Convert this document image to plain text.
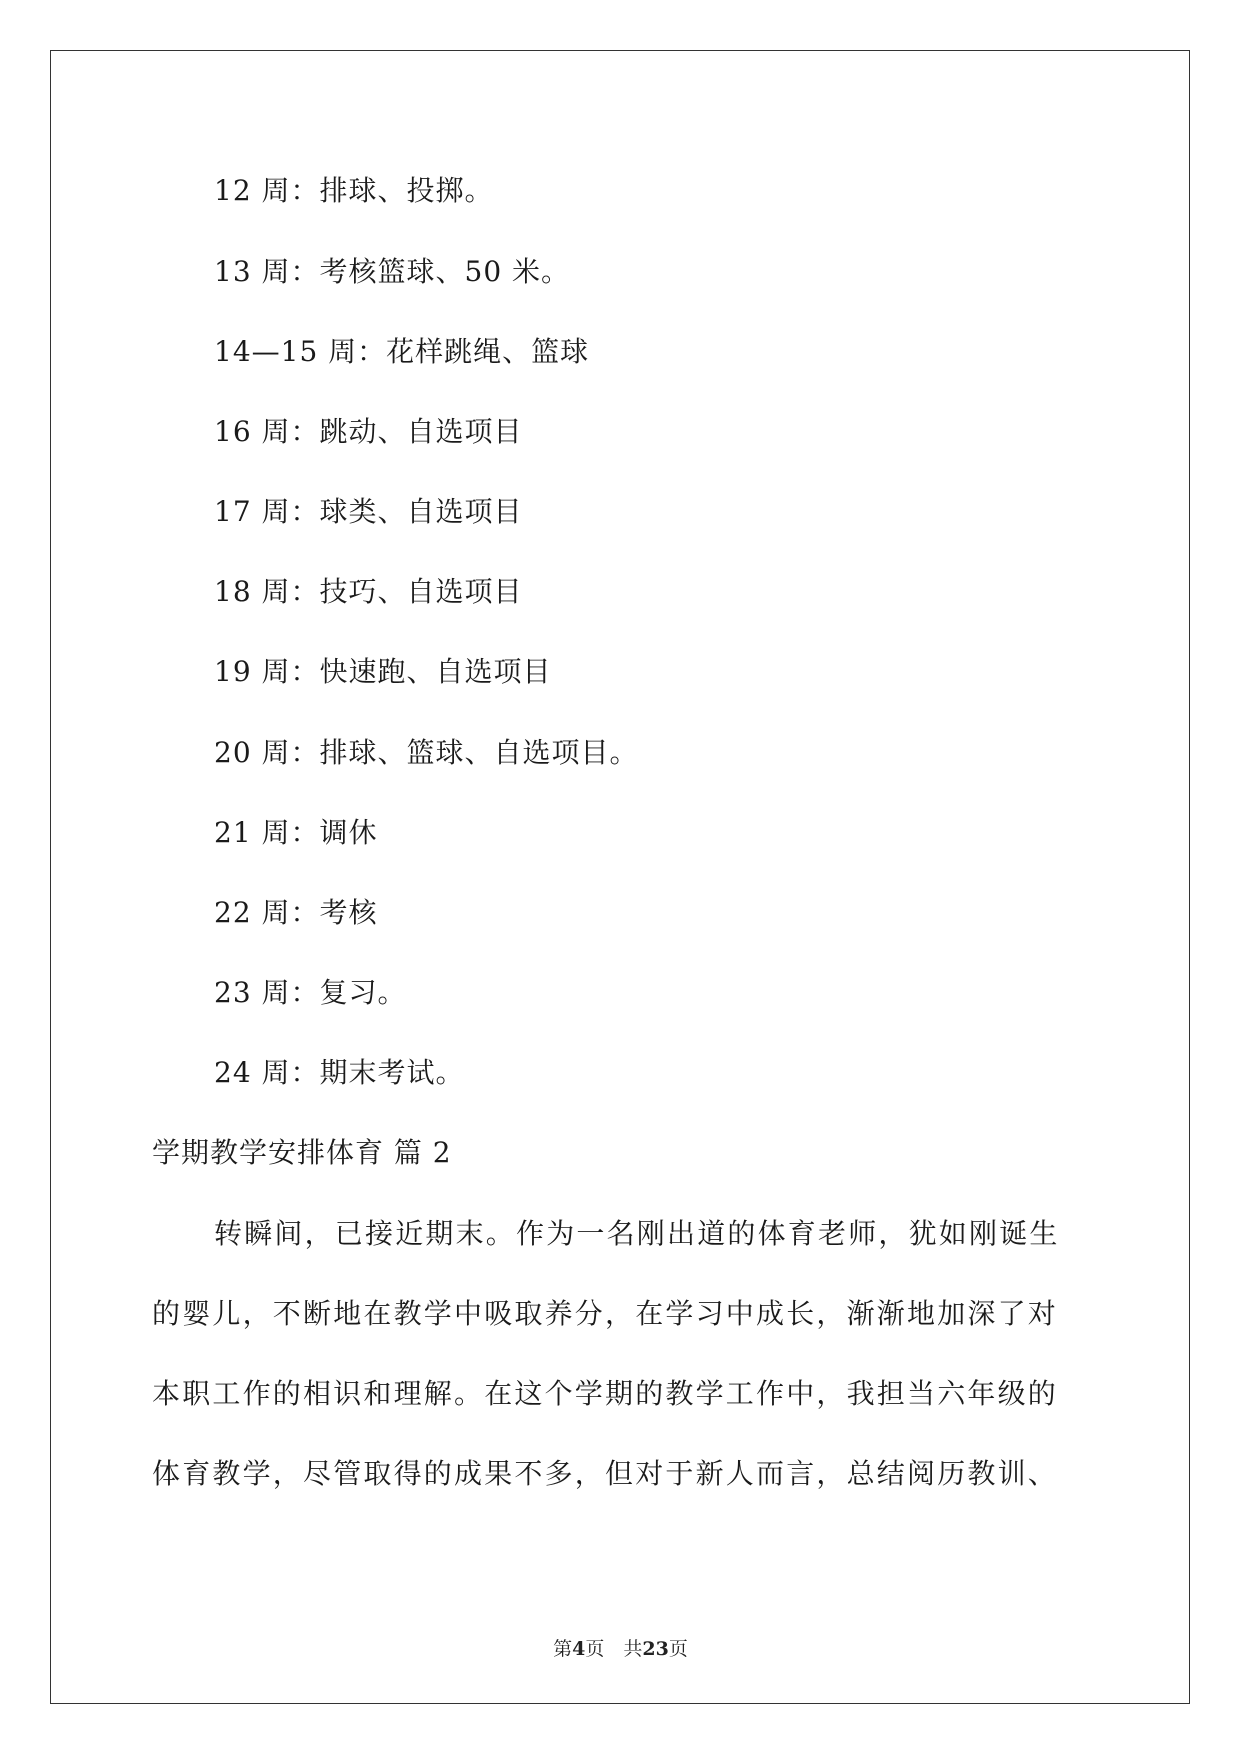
12 周：排球、投掷。
13 周：考核篮球、50 米。
14—15 周：花样跳绳、篮球
16 周：跳动、自选项目
17 周：球类、自选项目
18 周：技巧、自选项目
19 周：快速跑、自选项目
20 周：排球、篮球、自选项目。
21 周：调休
22 周：考核
23 周：复习。
24 周：期末考试。
学期教学安排体育 篇 2
转瞬间，已接近期末。作为一名刚出道的体育老师，犹如刚诞生
的婴儿，不断地在教学中吸取养分，在学习中成长，渐渐地加深了对
本职工作的相识和理解。在这个学期的教学工作中，我担当六年级的
体育教学，尽管取得的成果不多，但对于新人而言，总结阅历教训、
第4页　共23页
